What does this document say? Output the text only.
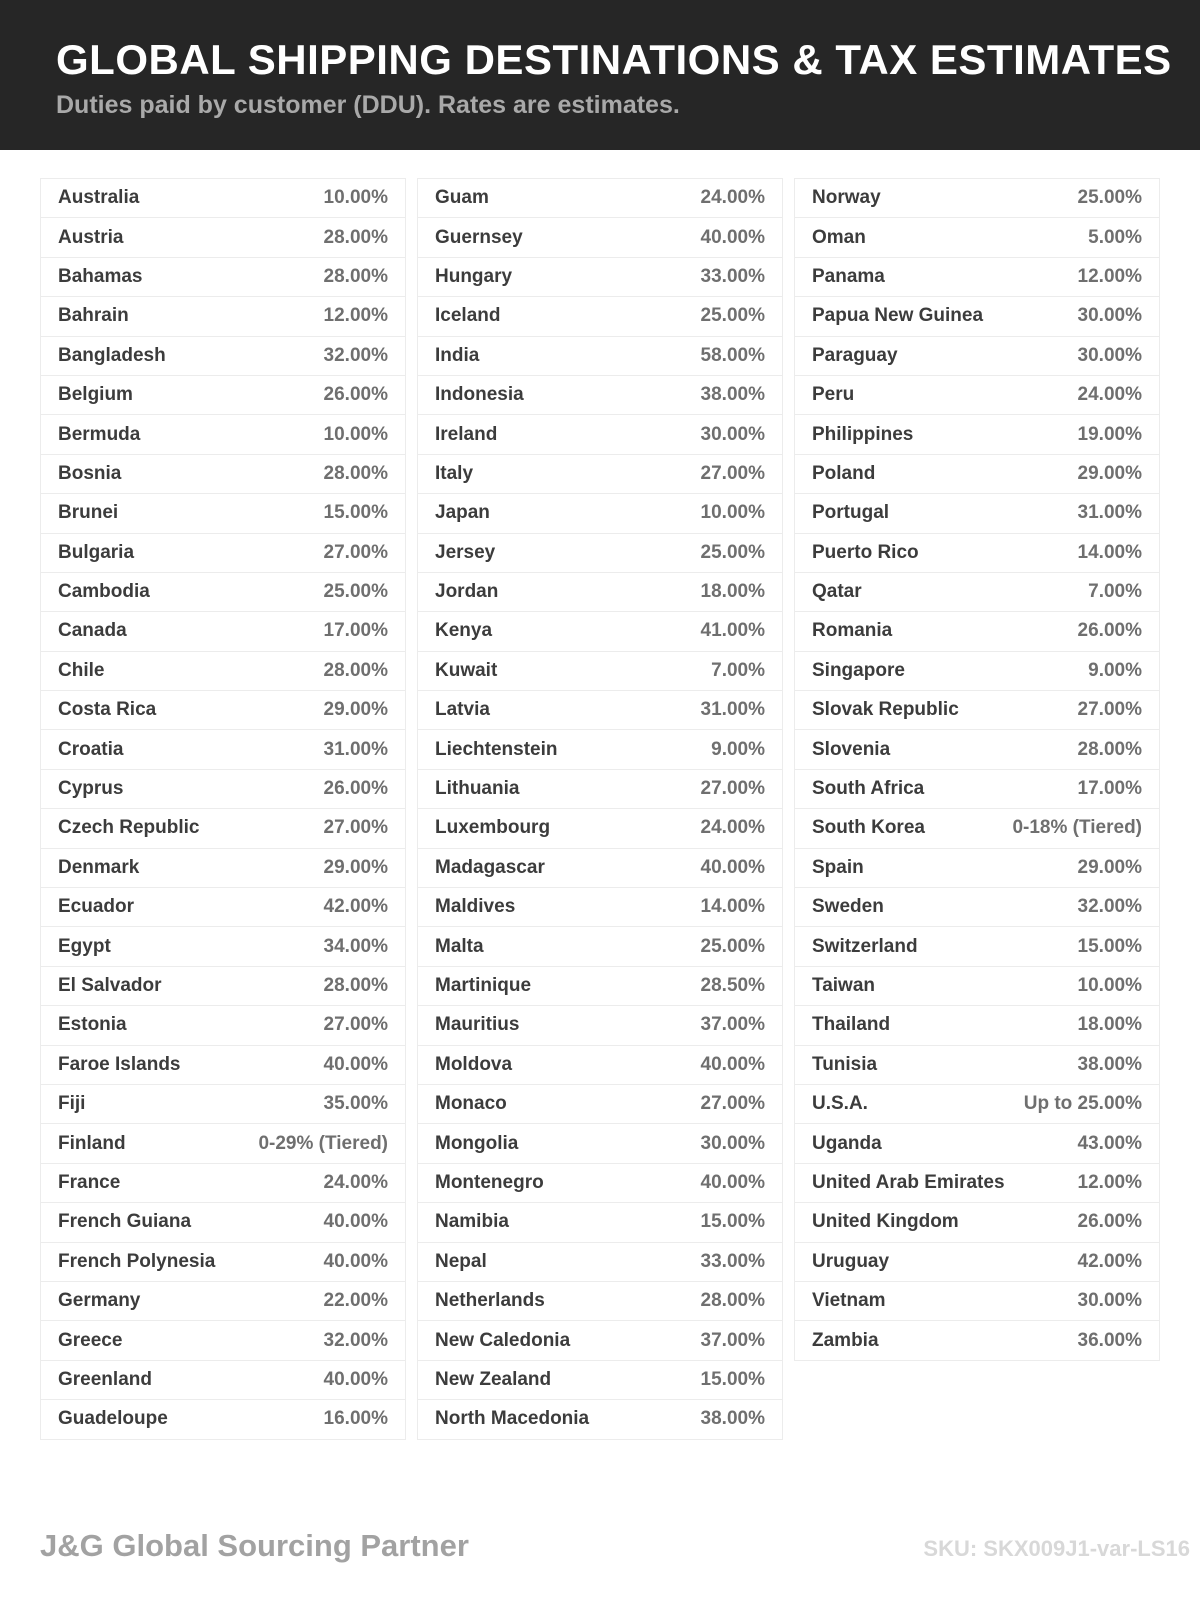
GLOBAL SHIPPING DESTINATIONS & TAX ESTIMATES

Duties paid by customer (DDU). Rates are estimates.

Australia	10.00%
Austria	28.00%
Bahamas	28.00%
Bahrain	12.00%
Bangladesh	32.00%
Belgium	26.00%
Bermuda	10.00%
Bosnia	28.00%
Brunei	15.00%
Bulgaria	27.00%
Cambodia	25.00%
Canada	17.00%
Chile	28.00%
Costa Rica	29.00%
Croatia	31.00%
Cyprus	26.00%
Czech Republic	27.00%
Denmark	29.00%
Ecuador	42.00%
Egypt	34.00%
El Salvador	28.00%
Estonia	27.00%
Faroe Islands	40.00%
Fiji	35.00%
Finland	0-29% (Tiered)
France	24.00%
French Guiana	40.00%
French Polynesia	40.00%
Germany	22.00%
Greece	32.00%
Greenland	40.00%
Guadeloupe	16.00%
Guam	24.00%
Guernsey	40.00%
Hungary	33.00%
Iceland	25.00%
India	58.00%
Indonesia	38.00%
Ireland	30.00%
Italy	27.00%
Japan	10.00%
Jersey	25.00%
Jordan	18.00%
Kenya	41.00%
Kuwait	7.00%
Latvia	31.00%
Liechtenstein	9.00%
Lithuania	27.00%
Luxembourg	24.00%
Madagascar	40.00%
Maldives	14.00%
Malta	25.00%
Martinique	28.50%
Mauritius	37.00%
Moldova	40.00%
Monaco	27.00%
Mongolia	30.00%
Montenegro	40.00%
Namibia	15.00%
Nepal	33.00%
Netherlands	28.00%
New Caledonia	37.00%
New Zealand	15.00%
North Macedonia	38.00%
Norway	25.00%
Oman	5.00%
Panama	12.00%
Papua New Guinea	30.00%
Paraguay	30.00%
Peru	24.00%
Philippines	19.00%
Poland	29.00%
Portugal	31.00%
Puerto Rico	14.00%
Qatar	7.00%
Romania	26.00%
Singapore	9.00%
Slovak Republic	27.00%
Slovenia	28.00%
South Africa	17.00%
South Korea	0-18% (Tiered)
Spain	29.00%
Sweden	32.00%
Switzerland	15.00%
Taiwan	10.00%
Thailand	18.00%
Tunisia	38.00%
U.S.A.	Up to 25.00%
Uganda	43.00%
United Arab Emirates	12.00%
United Kingdom	26.00%
Uruguay	42.00%
Vietnam	30.00%
Zambia	36.00%
J&G Global Sourcing Partner	SKU: SKX009J1-var-LS16
